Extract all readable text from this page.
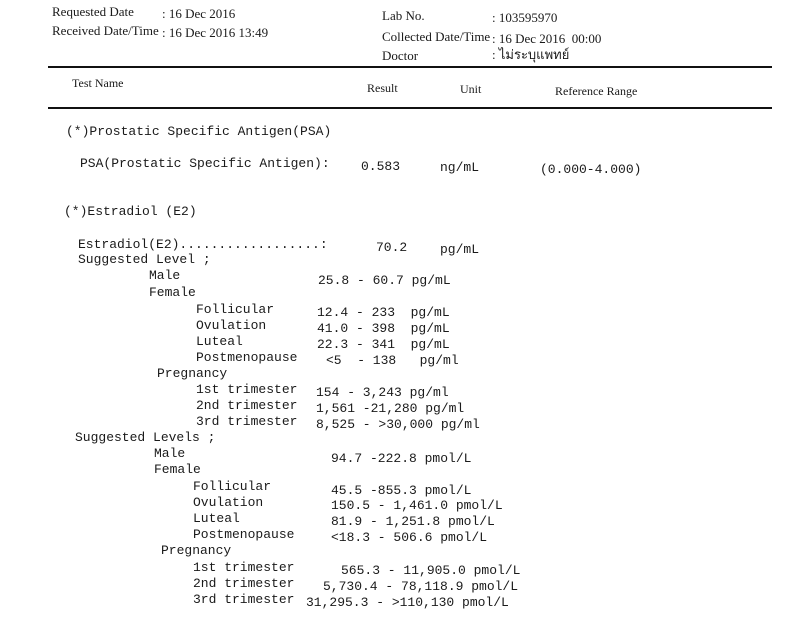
Requested Date : 16 Dec 2016
Received Date/Time : 16 Dec 2016 13:49
Lab No.	: 103595970
Collected Date/Time : 16 Dec 2016  00:00
Doctor	: ไม่ระบุแพทย์
Test Name	Result	Unit	Reference Range
(*)Prostatic Specific Antigen(PSA)
PSA(Prostatic Specific Antigen): 0.583	ng/mL	(0.000-4.000)
(*)Estradiol (E2)
Estradiol(E2)..................:	70.2	pg/mL
Suggested Level ;
Male	25.8 - 60.7 pg/mL
Female
Follicular	12.4 - 233  pg/mL
Ovulation	41.0 - 398  pg/mL
Luteal	22.3 - 341  pg/mL
Postmenopause <5  - 138   pg/ml
Pregnancy
1st trimester 154 - 3,243 pg/ml
2nd trimester 1,561 -21,280 pg/ml
3rd trimester 8,525 - >30,000 pg/ml
Suggested Levels ;
Male	94.7 -222.8 pmol/L
Female
Follicular	45.5 -855.3 pmol/L
Ovulation	150.5 - 1,461.0 pmol/L
Luteal	81.9 - 1,251.8 pmol/L
Postmenopause	<18.3 - 506.6 pmol/L
Pregnancy
1st trimester	565.3 - 11,905.0 pmol/L
2nd trimester 5,730.4 - 78,118.9 pmol/L
3rd trimester 31,295.3 - >110,130 pmol/L
